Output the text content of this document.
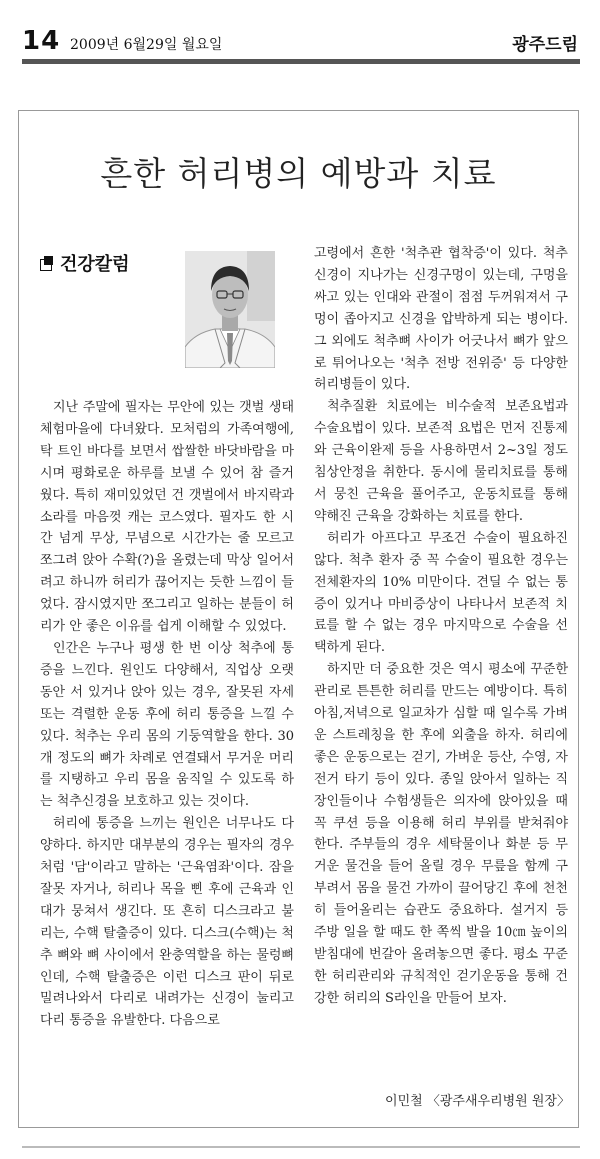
14 2009년 6월29일 월요일	광주드림
흔한 허리병의 예방과 치료
건강칼럼

지난 주말에 필자는 무안에 있는 갯벌 생태체험마을에 다녀왔다. 모처럼의 가족여행에, 탁 트인 바다를 보면서 쌉쌀한 바닷바람을 마시며 평화로운 하루를 보낼 수 있어 참 즐거웠다. 특히 재미있었던 건 갯벌에서 바지락과 소라를 마음껏 캐는 코스였다. 필자도 한 시간 넘게 무상, 무념으로 시간가는 줄 모르고 쪼그려 앉아 수확(?)을 올렸는데 막상 일어서려고 하니까 허리가 끊어지는 듯한 느낌이 들었다. 잠시였지만 쪼그리고 일하는 분들이 허리가 안 좋은 이유를 쉽게 이해할 수 있었다.

인간은 누구나 평생 한 번 이상 척추에 통증을 느낀다. 원인도 다양해서, 직업상 오랫동안 서 있거나 앉아 있는 경우, 잘못된 자세 또는 격렬한 운동 후에 허리 통증을 느낄 수 있다. 척추는 우리 몸의 기둥역할을 한다. 30개 정도의 뼈가 차례로 연결돼서 무거운 머리를 지탱하고 우리 몸을 움직일 수 있도록 하는 척추신경을 보호하고 있는 것이다.

허리에 통증을 느끼는 원인은 너무나도 다양하다. 하지만 대부분의 경우는 필자의 경우처럼 '담'이라고 말하는 '근육염좌'이다. 잠을 잘못 자거나, 허리나 목을 삔 후에 근육과 인대가 뭉쳐서 생긴다. 또 흔히 디스크라고 불리는, 수핵 탈출증이 있다. 디스크(수핵)는 척추 뼈와 뼈 사이에서 완충역할을 하는 물렁뼈인데, 수핵 탈출증은 이런 디스크 판이 뒤로 밀려나와서 다리로 내려가는 신경이 눌리고 다리 통증을 유발한다. 다음으로

고령에서 흔한 '척추관 협착증'이 있다. 척추신경이 지나가는 신경구멍이 있는데, 구멍을 싸고 있는 인대와 관절이 점점 두꺼워져서 구멍이 좁아지고 신경을 압박하게 되는 병이다. 그 외에도 척추뼈 사이가 어긋나서 뼈가 앞으로 튀어나오는 '척추 전방 전위증' 등 다양한 허리병들이 있다.

척추질환 치료에는 비수술적 보존요법과 수술요법이 있다. 보존적 요법은 먼저 진통제와 근육이완제 등을 사용하면서 2~3일 정도 침상안정을 취한다. 동시에 물리치료를 통해서 뭉친 근육을 풀어주고, 운동치료를 통해 약해진 근육을 강화하는 치료를 한다.

허리가 아프다고 무조건 수술이 필요하진 않다. 척추 환자 중 꼭 수술이 필요한 경우는 전체환자의 10% 미만이다. 견딜 수 없는 통증이 있거나 마비증상이 나타나서 보존적 치료를 할 수 없는 경우 마지막으로 수술을 선택하게 된다.

하지만 더 중요한 것은 역시 평소에 꾸준한 관리로 튼튼한 허리를 만드는 예방이다. 특히 아침,저녁으로 일교차가 심할 때 일수록 가벼운 스트레칭을 한 후에 외출을 하자. 허리에 좋은 운동으로는 걷기, 가벼운 등산, 수영, 자전거 타기 등이 있다. 종일 앉아서 일하는 직장인들이나 수험생들은 의자에 앉아있을 때 꼭 쿠션 등을 이용해 허리 부위를 받쳐줘야 한다. 주부들의 경우 세탁물이나 화분 등 무거운 물건을 들어 올릴 경우 무릎을 함께 구부려서 몸을 물건 가까이 끌어당긴 후에 천천히 들어올리는 습관도 중요하다. 설거지 등 주방 일을 할 때도 한 쪽씩 발을 10㎝ 높이의 받침대에 번갈아 올려놓으면 좋다. 평소 꾸준한 허리관리와 규칙적인 걷기운동을 통해 건강한 허리의 S라인을 만들어 보자.

이민철 〈광주새우리병원 원장〉
